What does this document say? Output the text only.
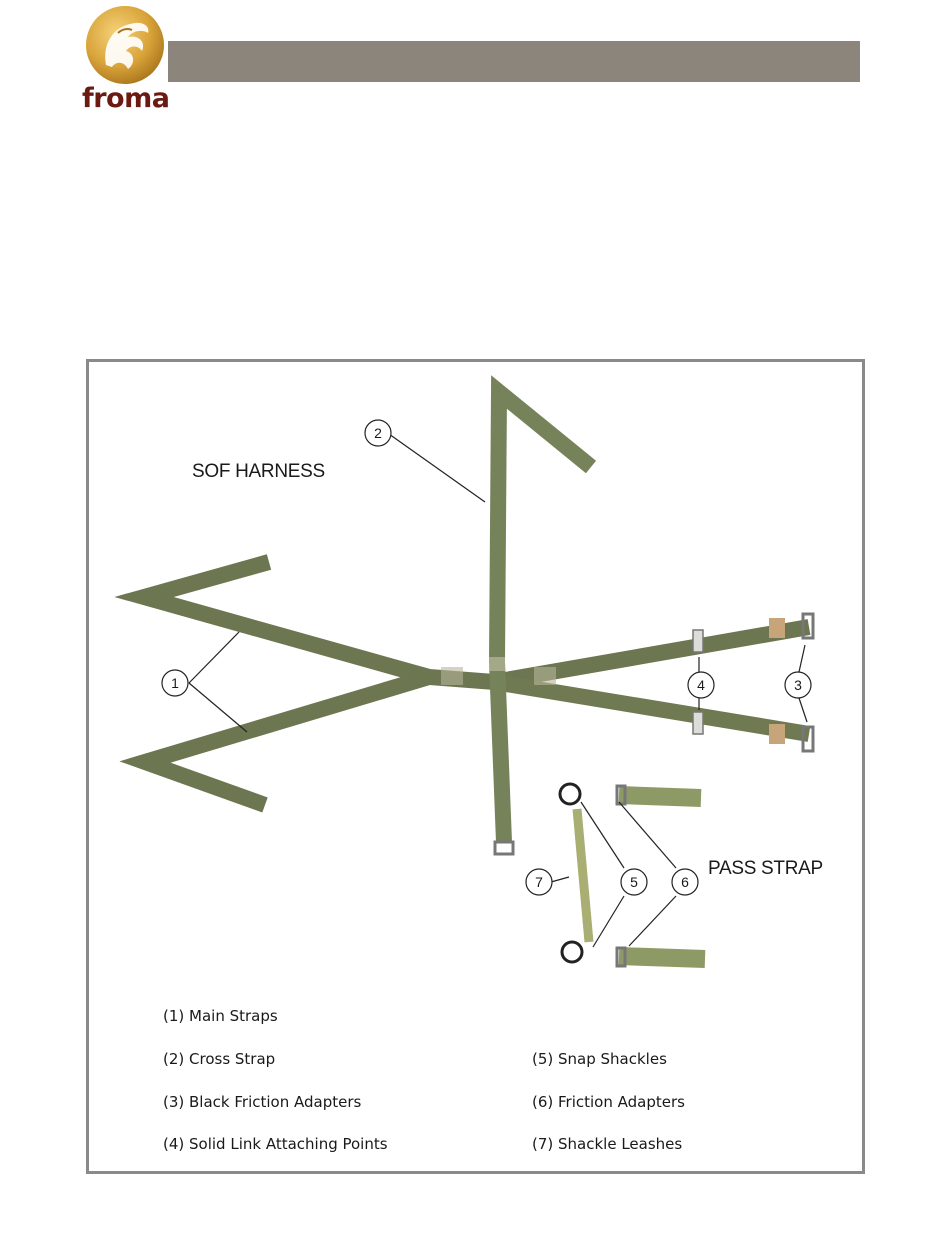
froma
2
1	4	3
5	6
7
SOF HARNESS
PASS STRAP
(1) Main Straps
(2) Cross Strap
(3) Black Friction Adapters
(4) Solid Link Attaching Points
(5) Snap Shackles
(6) Friction Adapters
(7) Shackle Leashes
